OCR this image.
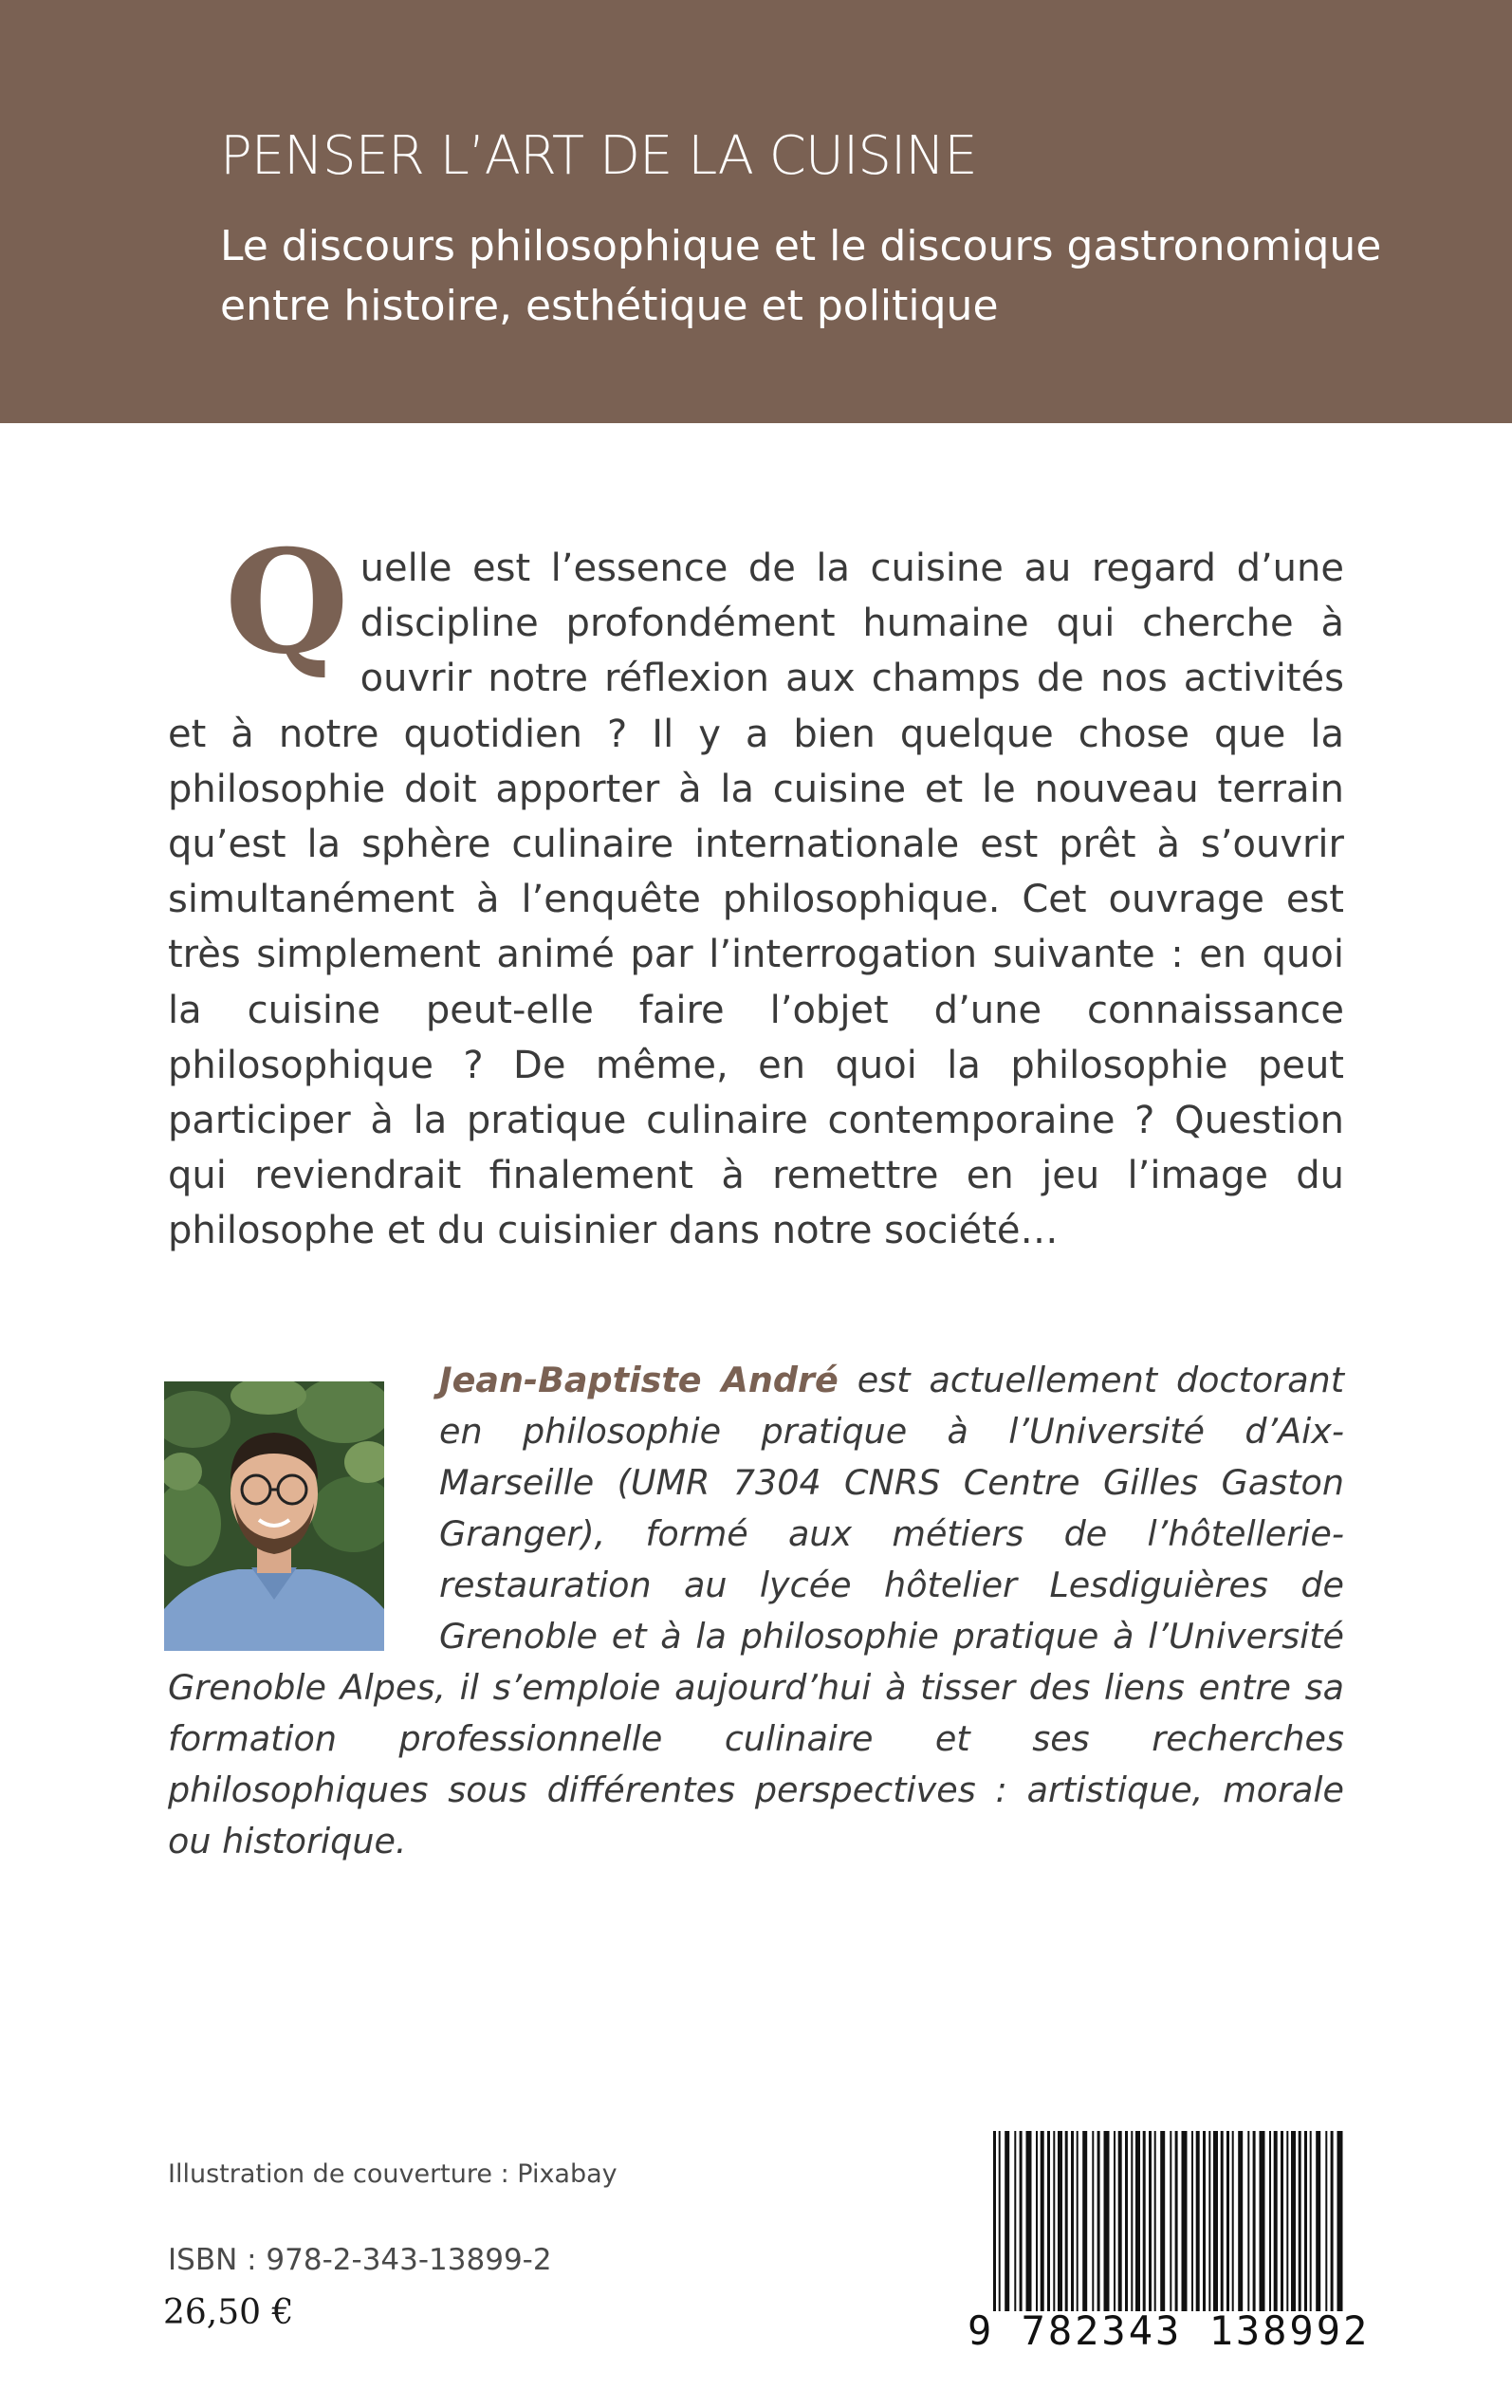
PENSER L’ART DE LA CUISINE
Le discours philosophique et le discours gastronomique
entre histoire, esthétique et politique
Quelle est l’essence de la cuisine au regard d’une discipline profondément humaine qui cherche à ouvrir notre réflexion aux champs de nos activités et à notre quotidien ? Il y a bien quelque chose que la philosophie doit apporter à la cuisine et le nouveau terrain qu’est la sphère culinaire internationale est prêt à s’ouvrir simultanément à l’enquête philosophique. Cet ouvrage est très simplement animé par l’interrogation suivante : en quoi la cuisine peut-elle faire l’objet d’une connaissance philosophique ? De même, en quoi la philosophie peut participer à la pratique culinaire contemporaine ? Question qui reviendrait finalement à remettre en jeu l’image du philosophe et du cuisinier dans notre société…
Jean-Baptiste André est actuellement doctorant en philosophie pratique à l’Université d’Aix-Marseille (UMR 7304 CNRS Centre Gilles Gaston Granger), formé aux métiers de l’hôtellerie-restauration au lycée hôtelier Lesdiguières de Grenoble et à la philosophie pratique à l’Université Grenoble Alpes, il s’emploie aujourd’hui à tisser des liens entre sa formation professionnelle culinaire et ses recherches philosophiques sous différentes perspectives : artistique, morale ou historique.
Illustration de couverture : Pixabay
ISBN : 978-2-343-13899-2
26,50 €	9 782343 138992
